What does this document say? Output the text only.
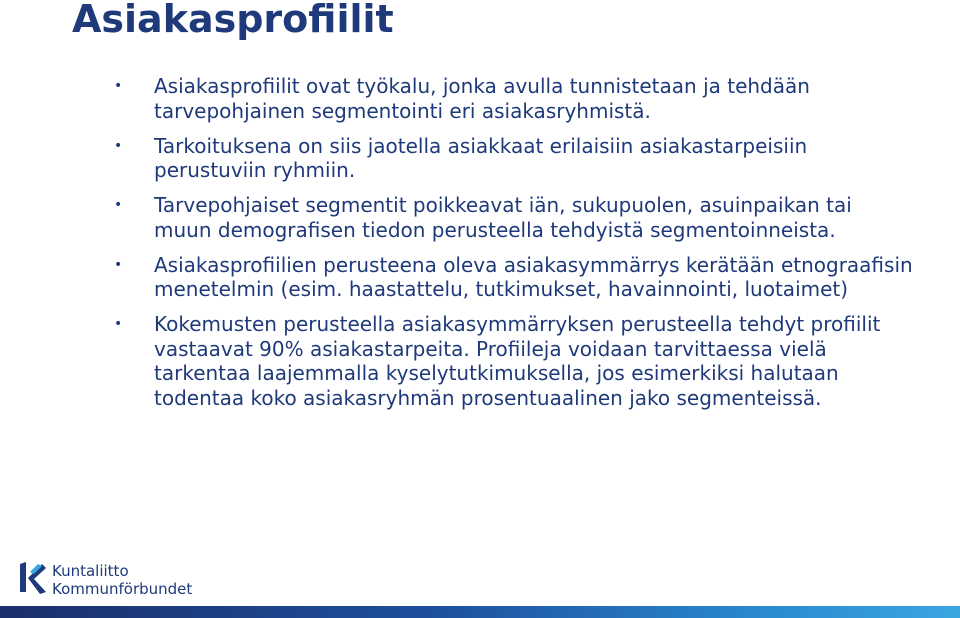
Asiakasprofiilit
• Asiakasprofiilit ovat työkalu, jonka avulla tunnistetaan ja tehdään tarvepohjainen segmentointi eri asiakasryhmistä.
• Tarkoituksena on siis jaotella asiakkaat erilaisiin asiakastarpeisiin perustuviin ryhmiin.
• Tarvepohjaiset segmentit poikkeavat iän, sukupuolen, asuinpaikan tai muun demografisen tiedon perusteella tehdyistä segmentoinneista.
• Asiakasprofiilien perusteena oleva asiakasymmärrys kerätään etnograafisin menetelmin (esim. haastattelu, tutkimukset, havainnointi, luotaimet)
• Kokemusten perusteella asiakasymmärryksen perusteella tehdyt profiilit vastaavat 90% asiakastarpeita. Profiileja voidaan tarvittaessa vielä tarkentaa laajemmalla kyselytutkimuksella, jos esimerkiksi halutaan todentaa koko asiakasryhmän prosentuaalinen jako segmenteissä.
Kuntaliitto
Kommunförbundet
